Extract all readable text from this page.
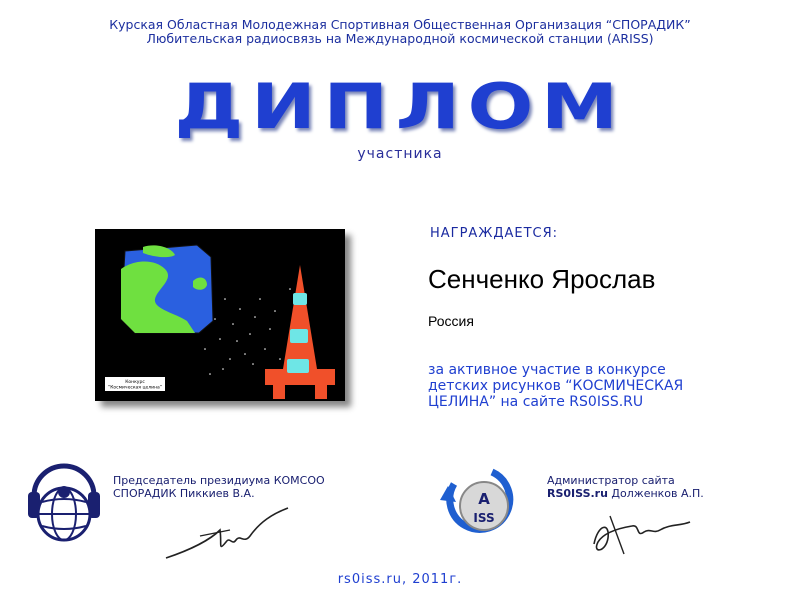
Курская Областная Молодежная Спортивная Общественная Организация “СПОРАДИК”
Любительская радиосвязь на Международной космической станции (ARISS)
ДИПЛОМ
участника
Конкурс
“Космическая целина”
НАГРАЖДАЕТСЯ:
Сенченко Ярослав
Россия
за активное участие в конкурсе
детских рисунков “КОСМИЧЕСКАЯ
ЦЕЛИНА” на сайте RS0ISS.RU
Председатель президиума КОМСОО
СПОРАДИК Пиккиев В.А.	A
ISS
Администратор сайта
RS0ISS.ru Долженков А.П.
rs0iss.ru, 2011г.
